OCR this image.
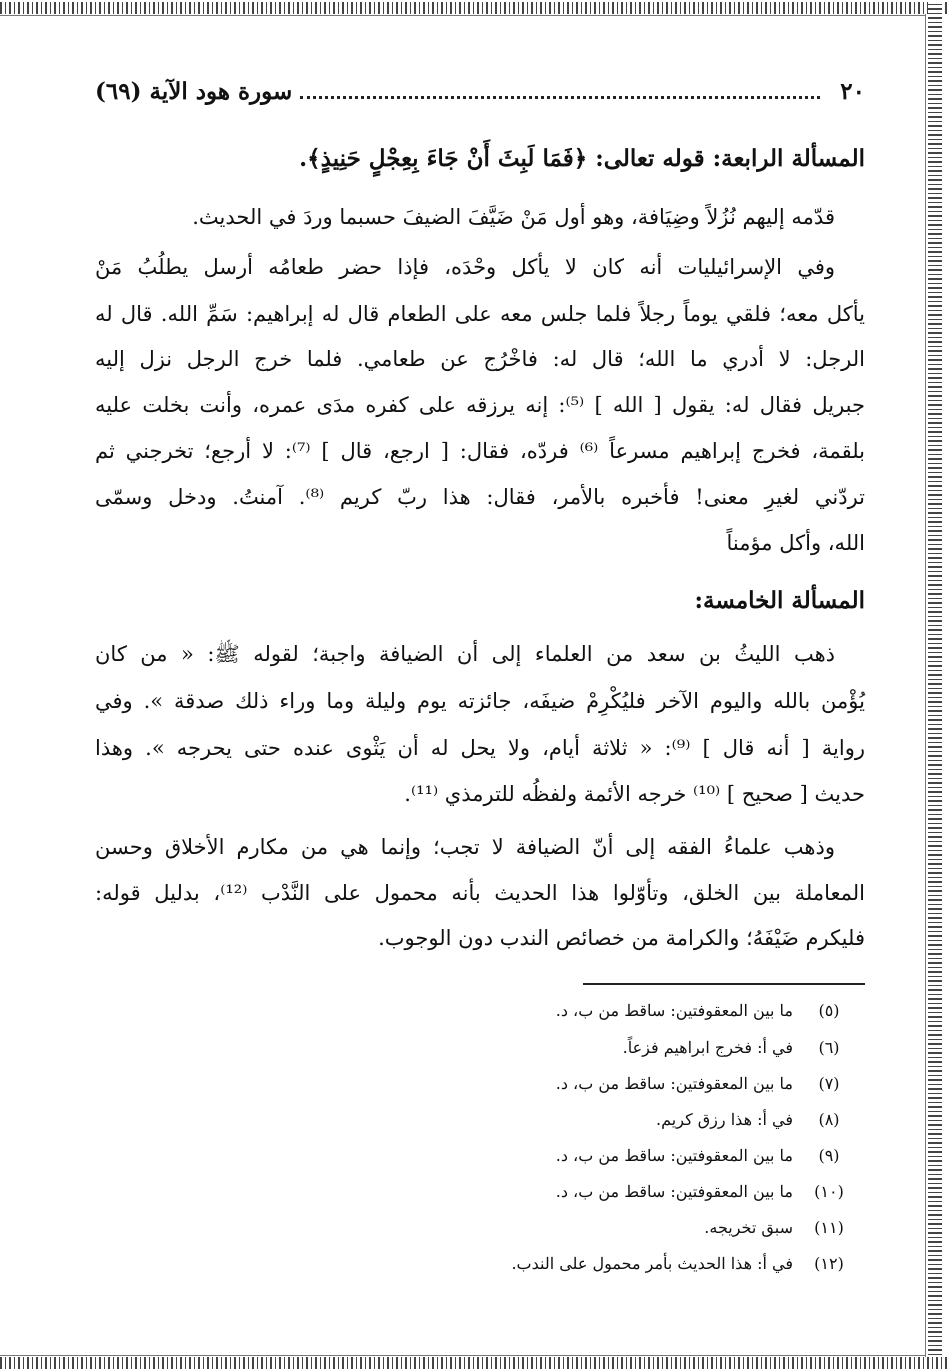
٢٠
سورة هود الآية (٦٩)
المسألة الرابعة: قوله تعالى: ﴿فَمَا لَبِثَ أَنْ جَاءَ بِعِجْلٍ حَنِيذٍ﴾.
قدّمه إليهم نُزُلاً وضِيَافة، وهو أول مَنْ ضَيَّفَ الضيفَ حسبما وردَ في الحديث.
وفي الإسرائيليات أنه كان لا يأكل وحْدَه، فإذا حضر طعامُه أرسل يطلُبُ مَنْ
يأكل معه؛ فلقي يوماً رجلاً فلما جلس معه على الطعام قال له إبراهيم: سَمِّ الله. قال له
الرجل: لا أدري ما الله؛ قال له: فاخْرُج عن طعامي. فلما خرج الرجل نزل إليه
جبريل فقال له: يقول [ الله ] ⁽⁵⁾: إنه يرزقه على كفره مدَى عمره، وأنت بخلت عليه
بلقمة، فخرج إبراهيم مسرعاً ⁽⁶⁾ فردّه، فقال: [ ارجع، قال ] ⁽⁷⁾: لا أرجع؛ تخرجني ثم
تردّني لغيرِ معنى! فأخبره بالأمر، فقال: هذا ربّ كريم ⁽⁸⁾. آمنتُ. ودخل وسمّى
الله، وأكل مؤمناً
المسألة الخامسة:
ذهب الليثُ بن سعد من العلماء إلى أن الضيافة واجبة؛ لقوله ﷺ: « من كان
يُؤْمن بالله واليوم الآخر فليُكْرِمْ ضيفَه، جائزته يوم وليلة وما وراء ذلك صدقة ». وفي
رواية [ أنه قال ] ⁽⁹⁾: « ثلاثة أيام، ولا يحل له أن يَثْوى عنده حتى يحرجه ». وهذا
حديث [ صحيح ] ⁽¹⁰⁾ خرجه الأئمة ولفظُه للترمذي ⁽¹¹⁾.
وذهب علماءُ الفقه إلى أنّ الضيافة لا تجب؛ وإنما هي من مكارم الأخلاق وحسن
المعاملة بين الخلق، وتأوّلوا هذا الحديث بأنه محمول على النَّدْب ⁽¹²⁾، بدليل قوله:
فليكرم ضَيْفَهُ؛ والكرامة من خصائص الندب دون الوجوب.
(٥)
ما بين المعقوفتين: ساقط من ب، د.
(٦)
في أ: فخرج ابراهيم فزعاً.
(٧)
ما بين المعقوفتين: ساقط من ب، د.
(٨)
في أ: هذا رزق كريم.
(٩)
ما بين المعقوفتين: ساقط من ب، د.
(١٠)
ما بين المعقوفتين: ساقط من ب، د.
(١١)
سبق تخريجه.
(١٢)
في أ: هذا الحديث بأمر محمول على الندب.
